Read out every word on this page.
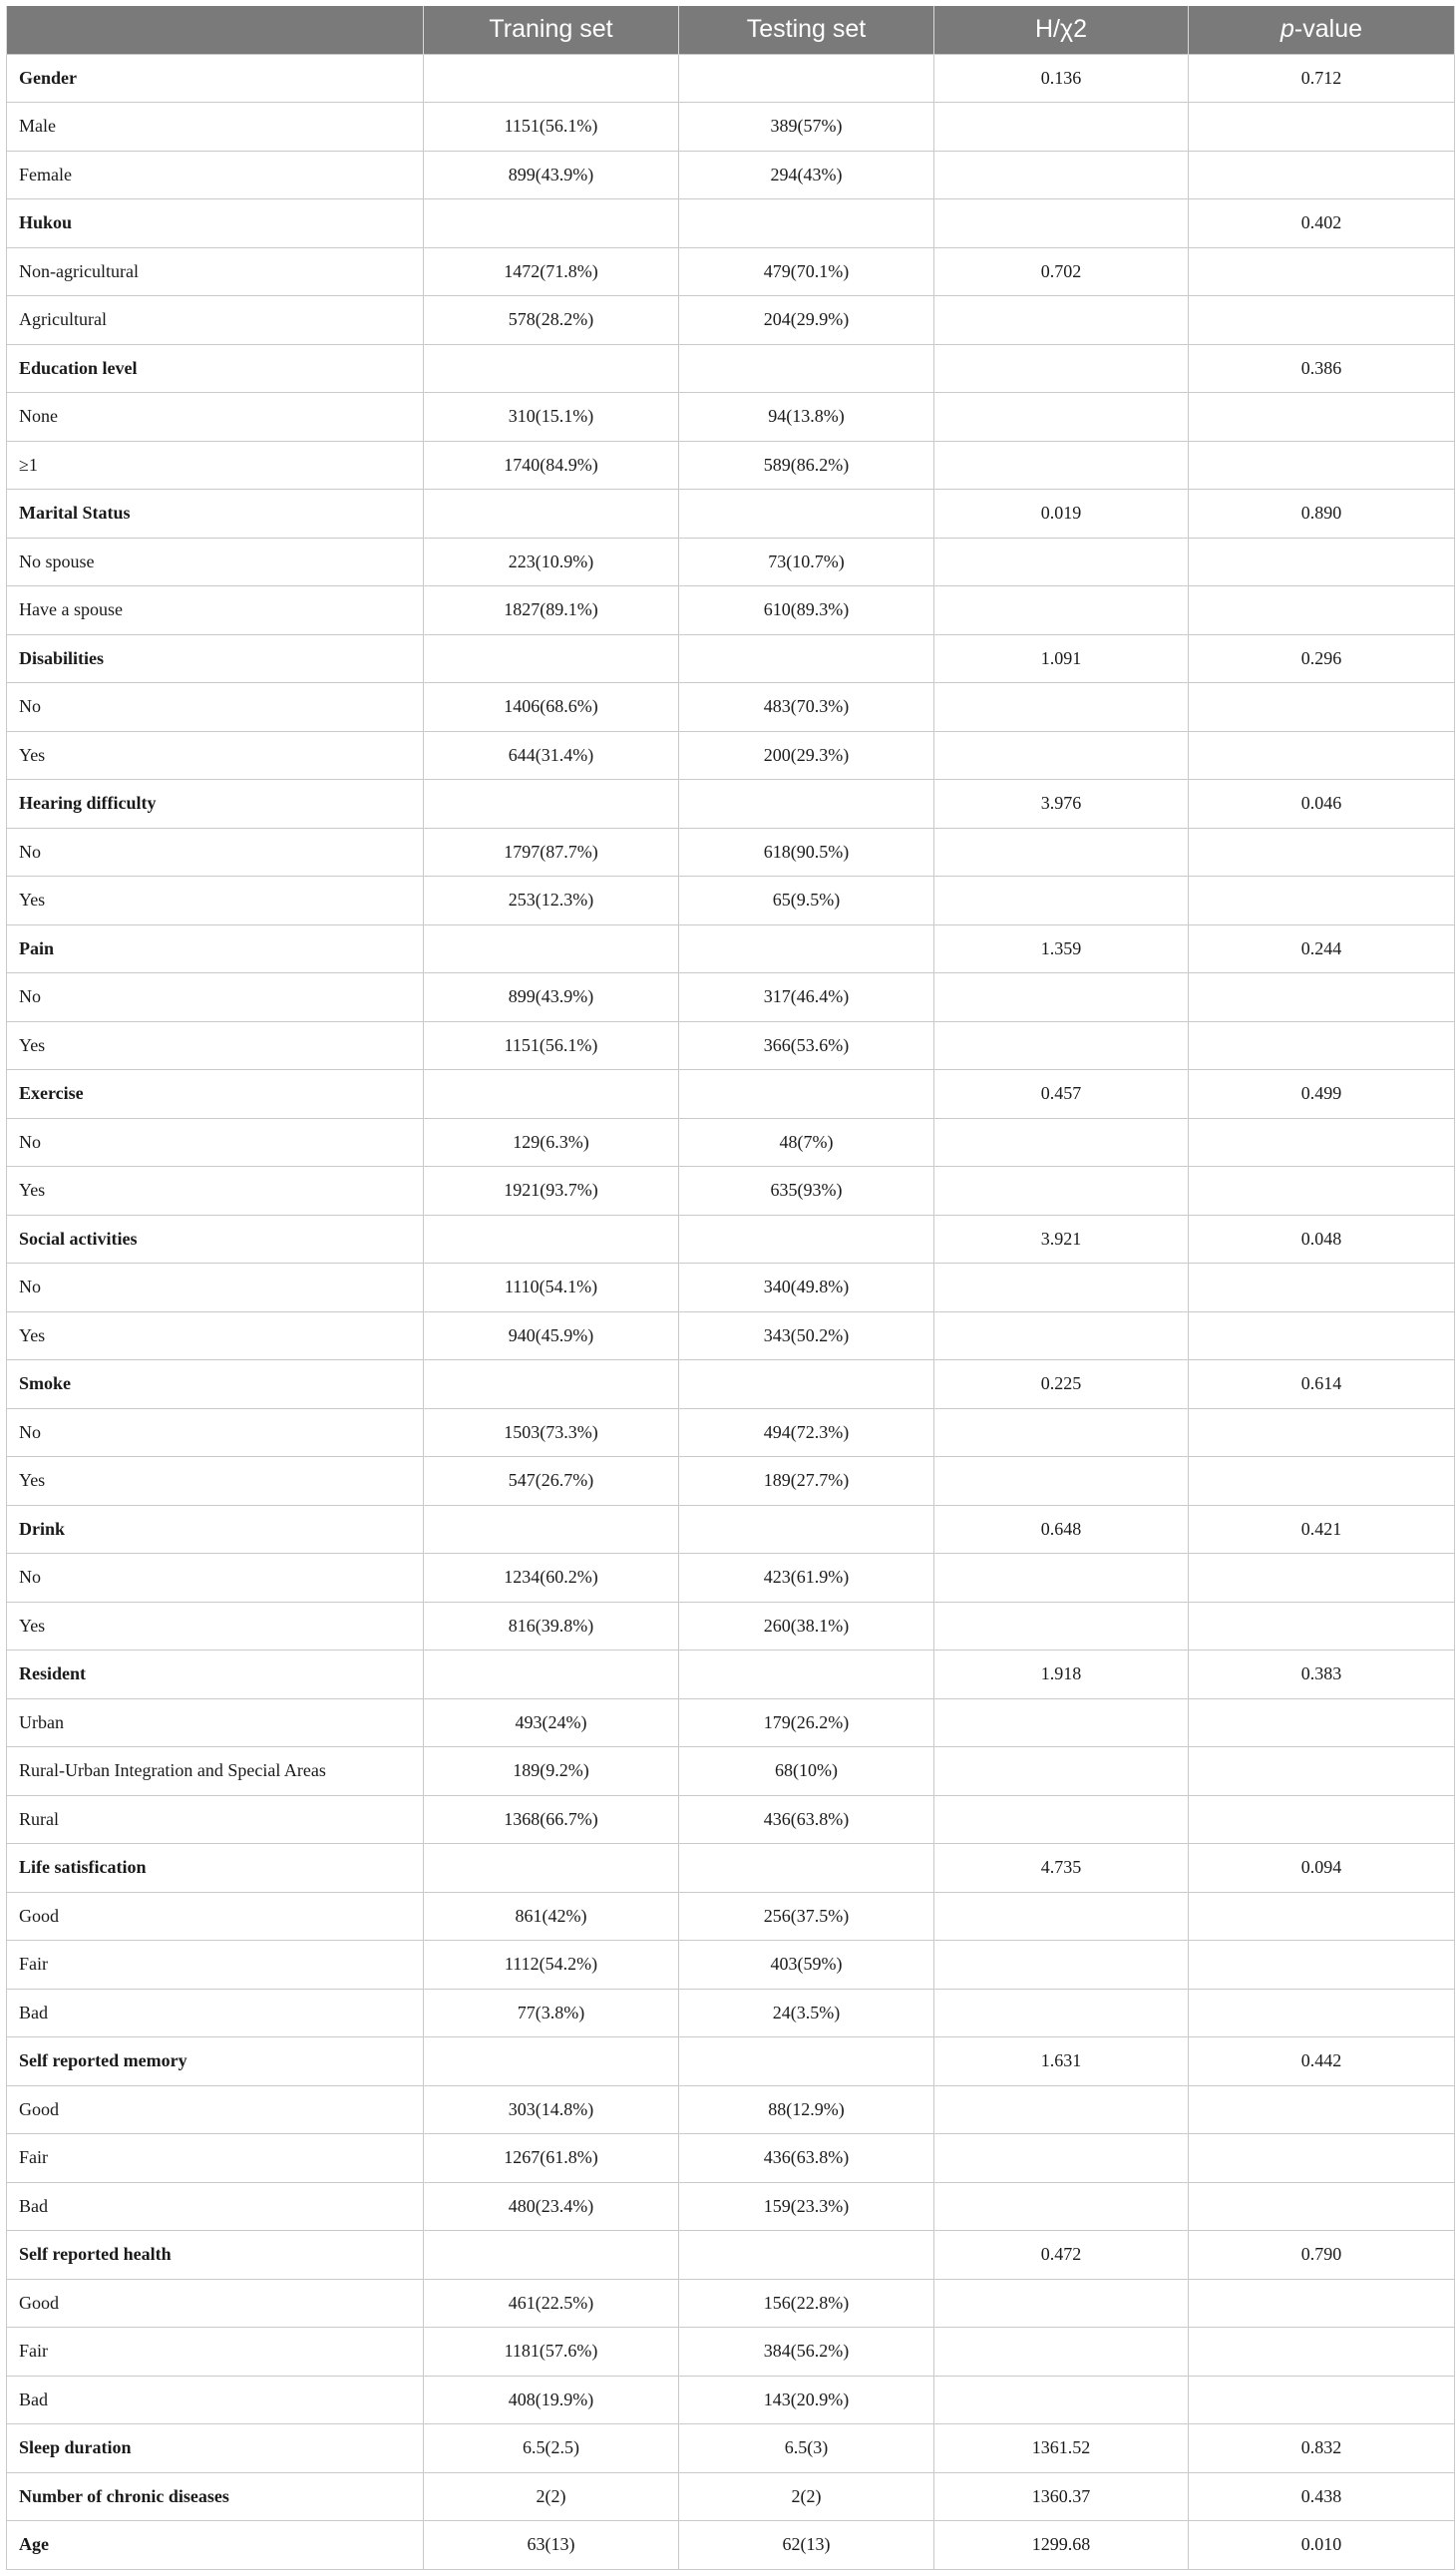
	Traning set	Testing set	H/χ2	p-value
Gender			0.136	0.712
Male	1151(56.1%)	389(57%)		
Female	899(43.9%)	294(43%)		
Hukou				0.402
Non-agricultural	1472(71.8%)	479(70.1%)	0.702	
Agricultural	578(28.2%)	204(29.9%)		
Education level				0.386
None	310(15.1%)	94(13.8%)		
≥1	1740(84.9%)	589(86.2%)		
Marital Status			0.019	0.890
No spouse	223(10.9%)	73(10.7%)		
Have a spouse	1827(89.1%)	610(89.3%)		
Disabilities			1.091	0.296
No	1406(68.6%)	483(70.3%)		
Yes	644(31.4%)	200(29.3%)		
Hearing difficulty			3.976	0.046
No	1797(87.7%)	618(90.5%)		
Yes	253(12.3%)	65(9.5%)		
Pain			1.359	0.244
No	899(43.9%)	317(46.4%)		
Yes	1151(56.1%)	366(53.6%)		
Exercise			0.457	0.499
No	129(6.3%)	48(7%)		
Yes	1921(93.7%)	635(93%)		
Social activities			3.921	0.048
No	1110(54.1%)	340(49.8%)		
Yes	940(45.9%)	343(50.2%)		
Smoke			0.225	0.614
No	1503(73.3%)	494(72.3%)		
Yes	547(26.7%)	189(27.7%)		
Drink			0.648	0.421
No	1234(60.2%)	423(61.9%)		
Yes	816(39.8%)	260(38.1%)		
Resident			1.918	0.383
Urban	493(24%)	179(26.2%)		
Rural-Urban Integration and Special Areas	189(9.2%)	68(10%)		
Rural	1368(66.7%)	436(63.8%)		
Life satisfication			4.735	0.094
Good	861(42%)	256(37.5%)		
Fair	1112(54.2%)	403(59%)		
Bad	77(3.8%)	24(3.5%)		
Self reported memory			1.631	0.442
Good	303(14.8%)	88(12.9%)		
Fair	1267(61.8%)	436(63.8%)		
Bad	480(23.4%)	159(23.3%)		
Self reported health			0.472	0.790
Good	461(22.5%)	156(22.8%)		
Fair	1181(57.6%)	384(56.2%)		
Bad	408(19.9%)	143(20.9%)		
Sleep duration	6.5(2.5)	6.5(3)	1361.52	0.832
Number of chronic diseases	2(2)	2(2)	1360.37	0.438
Age	63(13)	62(13)	1299.68	0.010
